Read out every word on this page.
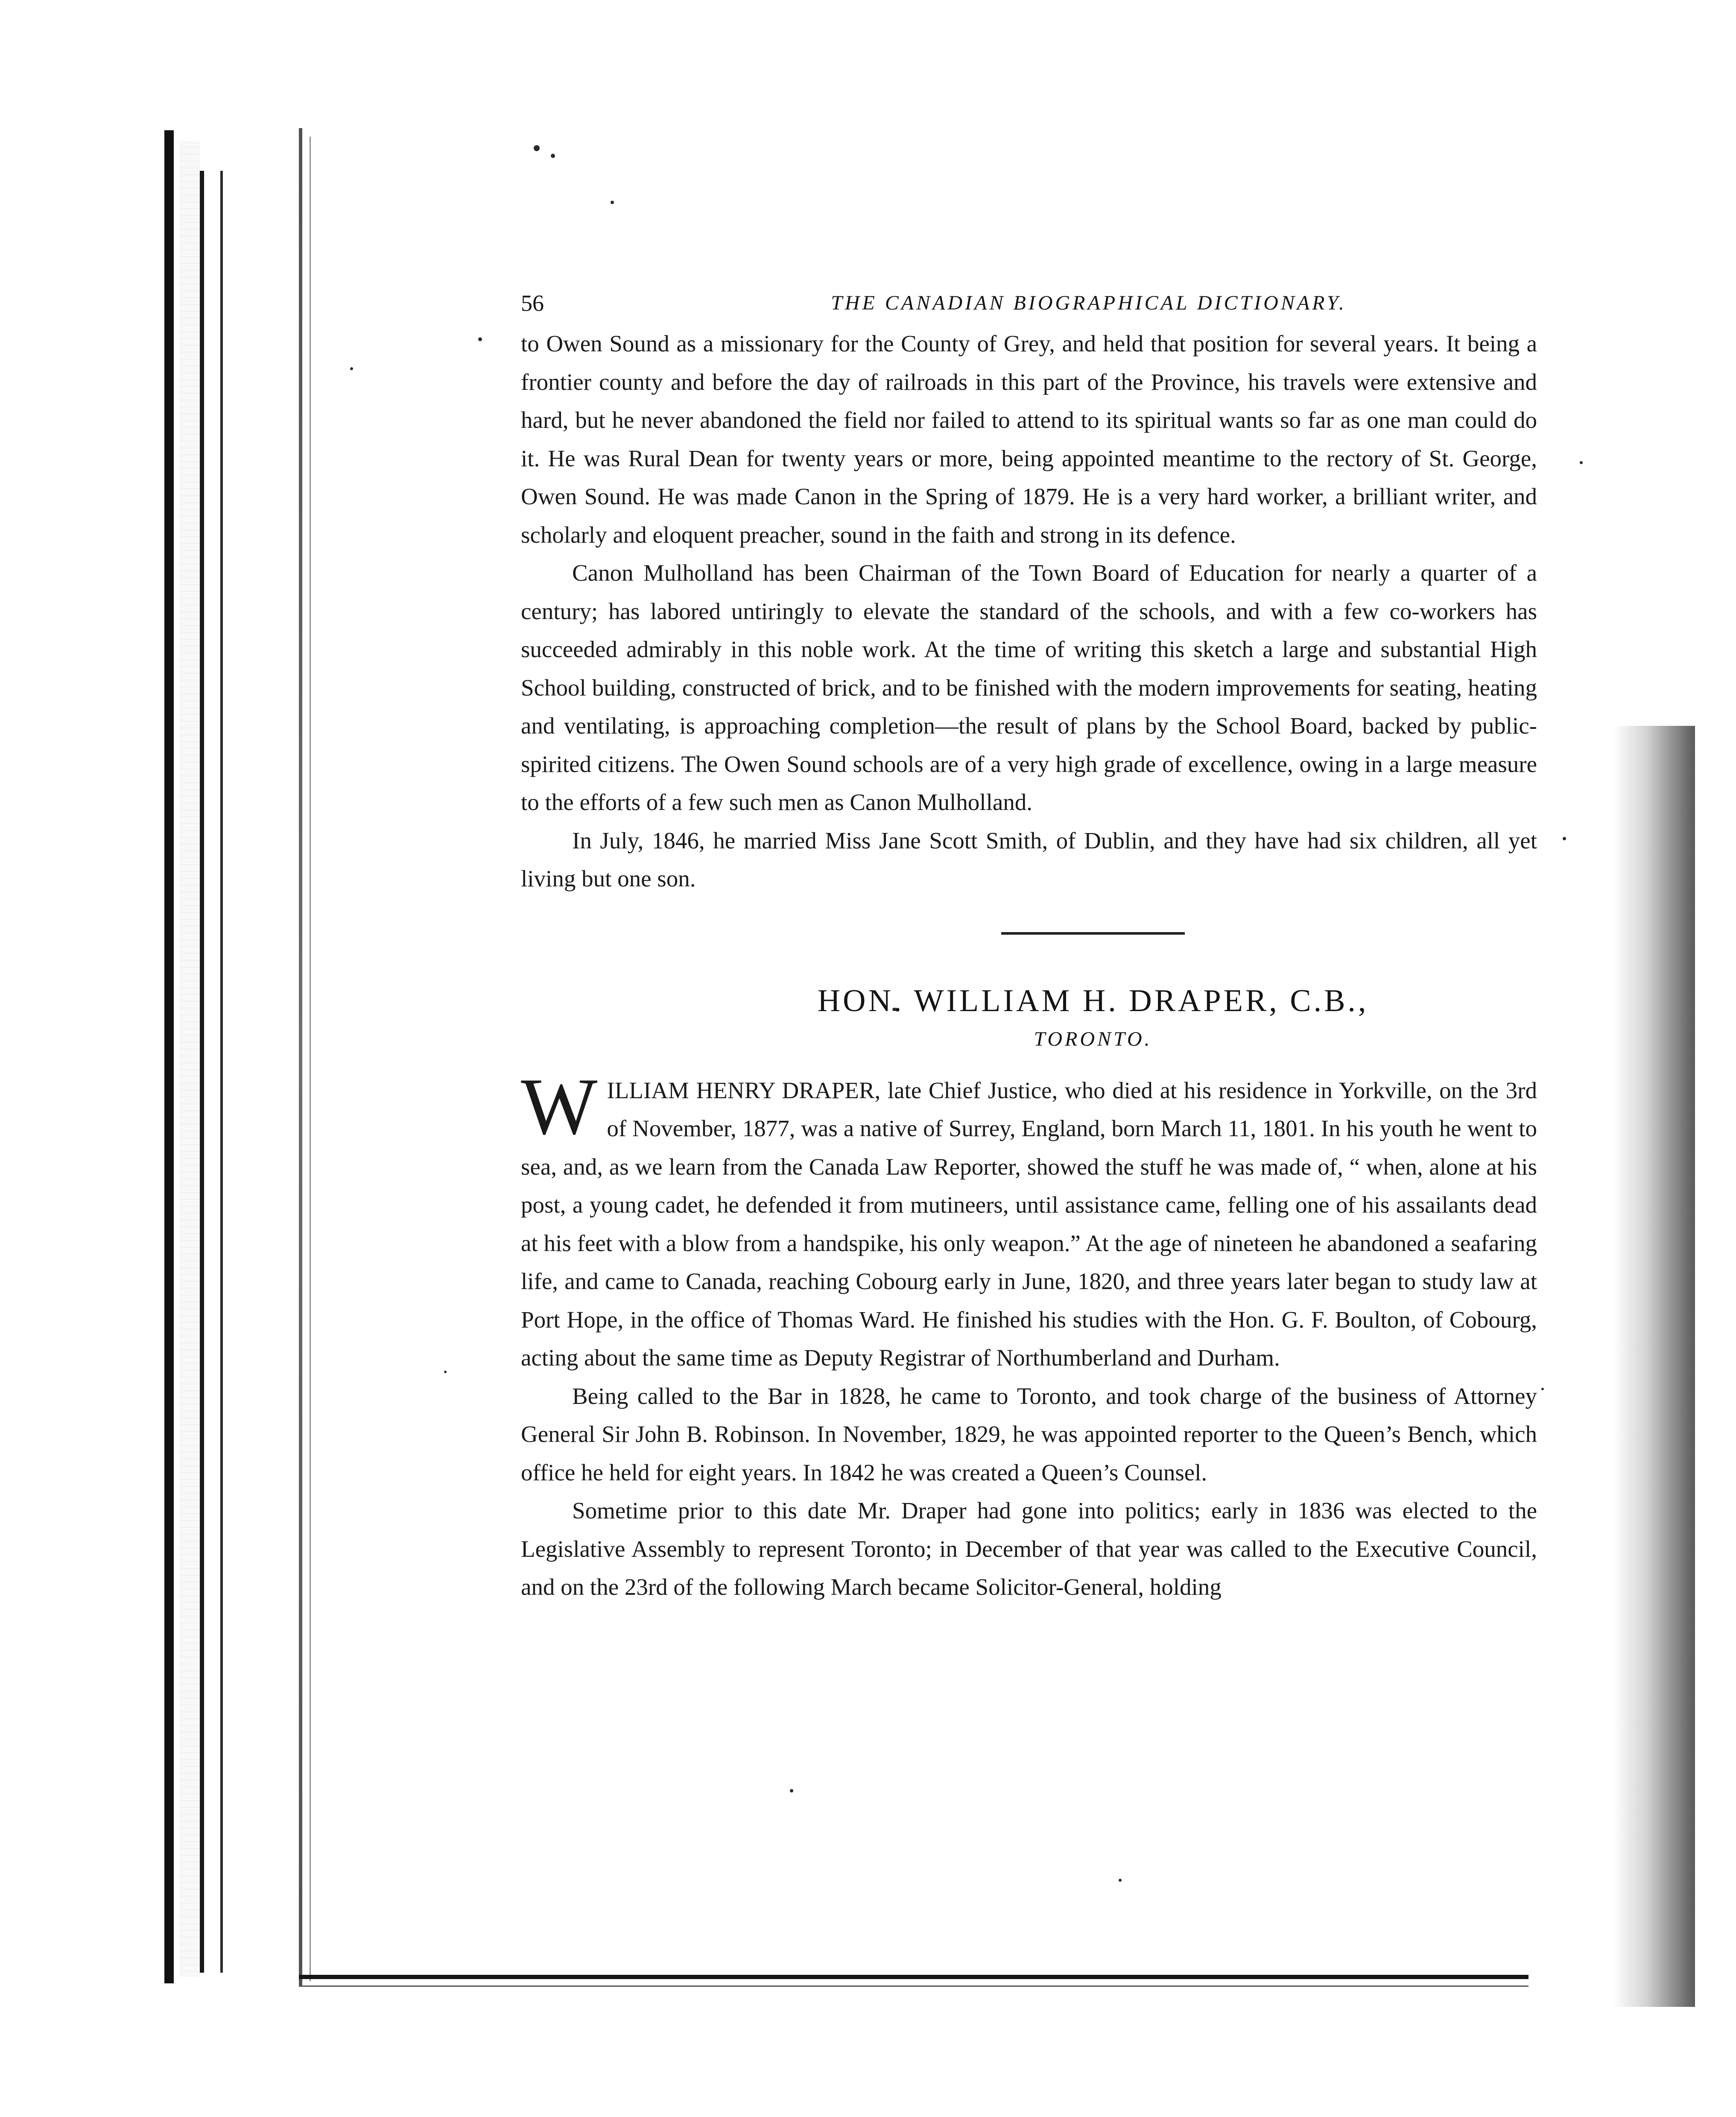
56	THE CANADIAN BIOGRAPHICAL DICTIONARY.

to Owen Sound as a missionary for the County of Grey, and held that position for several years. It being a frontier county and before the day of railroads in this part of the Province, his travels were extensive and hard, but he never abandoned the field nor failed to attend to its spiritual wants so far as one man could do it. He was Rural Dean for twenty years or more, being appointed meantime to the rectory of St. George, Owen Sound. He was made Canon in the Spring of 1879. He is a very hard worker, a brilliant writer, and scholarly and eloquent preacher, sound in the faith and strong in its defence.

Canon Mulholland has been Chairman of the Town Board of Education for nearly a quarter of a century; has labored untiringly to elevate the standard of the schools, and with a few co-workers has succeeded admirably in this noble work. At the time of writing this sketch a large and substantial High School building, constructed of brick, and to be finished with the modern improvements for seating, heating and ventilating, is approaching completion—the result of plans by the School Board, backed by public-spirited citizens. The Owen Sound schools are of a very high grade of excellence, owing in a large measure to the efforts of a few such men as Canon Mulholland.

In July, 1846, he married Miss Jane Scott Smith, of Dublin, and they have had six children, all yet living but one son.

HON. WILLIAM H. DRAPER, C.B.,
TORONTO.

WILLIAM HENRY DRAPER, late Chief Justice, who died at his residence in Yorkville, on the 3rd of November, 1877, was a native of Surrey, England, born March 11, 1801. In his youth he went to sea, and, as we learn from the Canada Law Reporter, showed the stuff he was made of, “ when, alone at his post, a young cadet, he defended it from mutineers, until assistance came, felling one of his assailants dead at his feet with a blow from a handspike, his only weapon.” At the age of nineteen he abandoned a seafaring life, and came to Canada, reaching Cobourg early in June, 1820, and three years later began to study law at Port Hope, in the office of Thomas Ward. He finished his studies with the Hon. G. F. Boulton, of Cobourg, acting about the same time as Deputy Registrar of Northumberland and Durham.

Being called to the Bar in 1828, he came to Toronto, and took charge of the business of Attorney General Sir John B. Robinson. In November, 1829, he was appointed reporter to the Queen’s Bench, which office he held for eight years. In 1842 he was created a Queen’s Counsel.

Sometime prior to this date Mr. Draper had gone into politics; early in 1836 was elected to the Legislative Assembly to represent Toronto; in December of that year was called to the Executive Council, and on the 23rd of the following March became Solicitor-General, holding
